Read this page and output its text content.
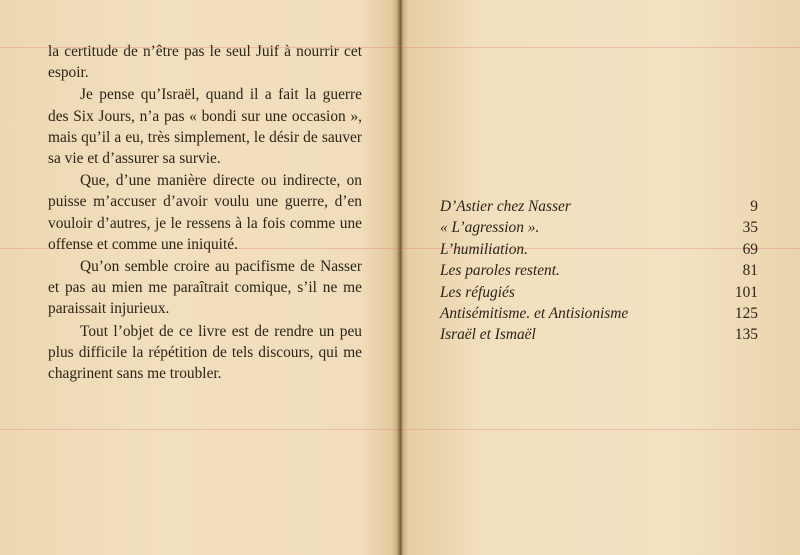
la certitude de n’être pas le seul Juif à nourrir cet espoir.

Je pense qu’Israël, quand il a fait la guerre des Six Jours, n’a pas « bondi sur une occasion », mais qu’il a eu, très simplement, le désir de sauver sa vie et d’assurer sa survie.

Que, d’une manière directe ou indirecte, on puisse m’accuser d’avoir voulu une guerre, d’en vouloir d’autres, je le ressens à la fois comme une offense et comme une iniquité.

Qu’on semble croire au pacifisme de Nasser et pas au mien me paraîtrait comique, s’il ne me paraissait injurieux.

Tout l’objet de ce livre est de rendre un peu plus difficile la répétition de tels discours, qui me chagrinent sans me troubler.

D’Astier chez Nasser	9
« L’agression ».	35
L’humiliation.	69
Les paroles restent.	81
Les réfugiés	101
Antisémitisme. et Antisionisme	125
Israël et Ismaël	135
